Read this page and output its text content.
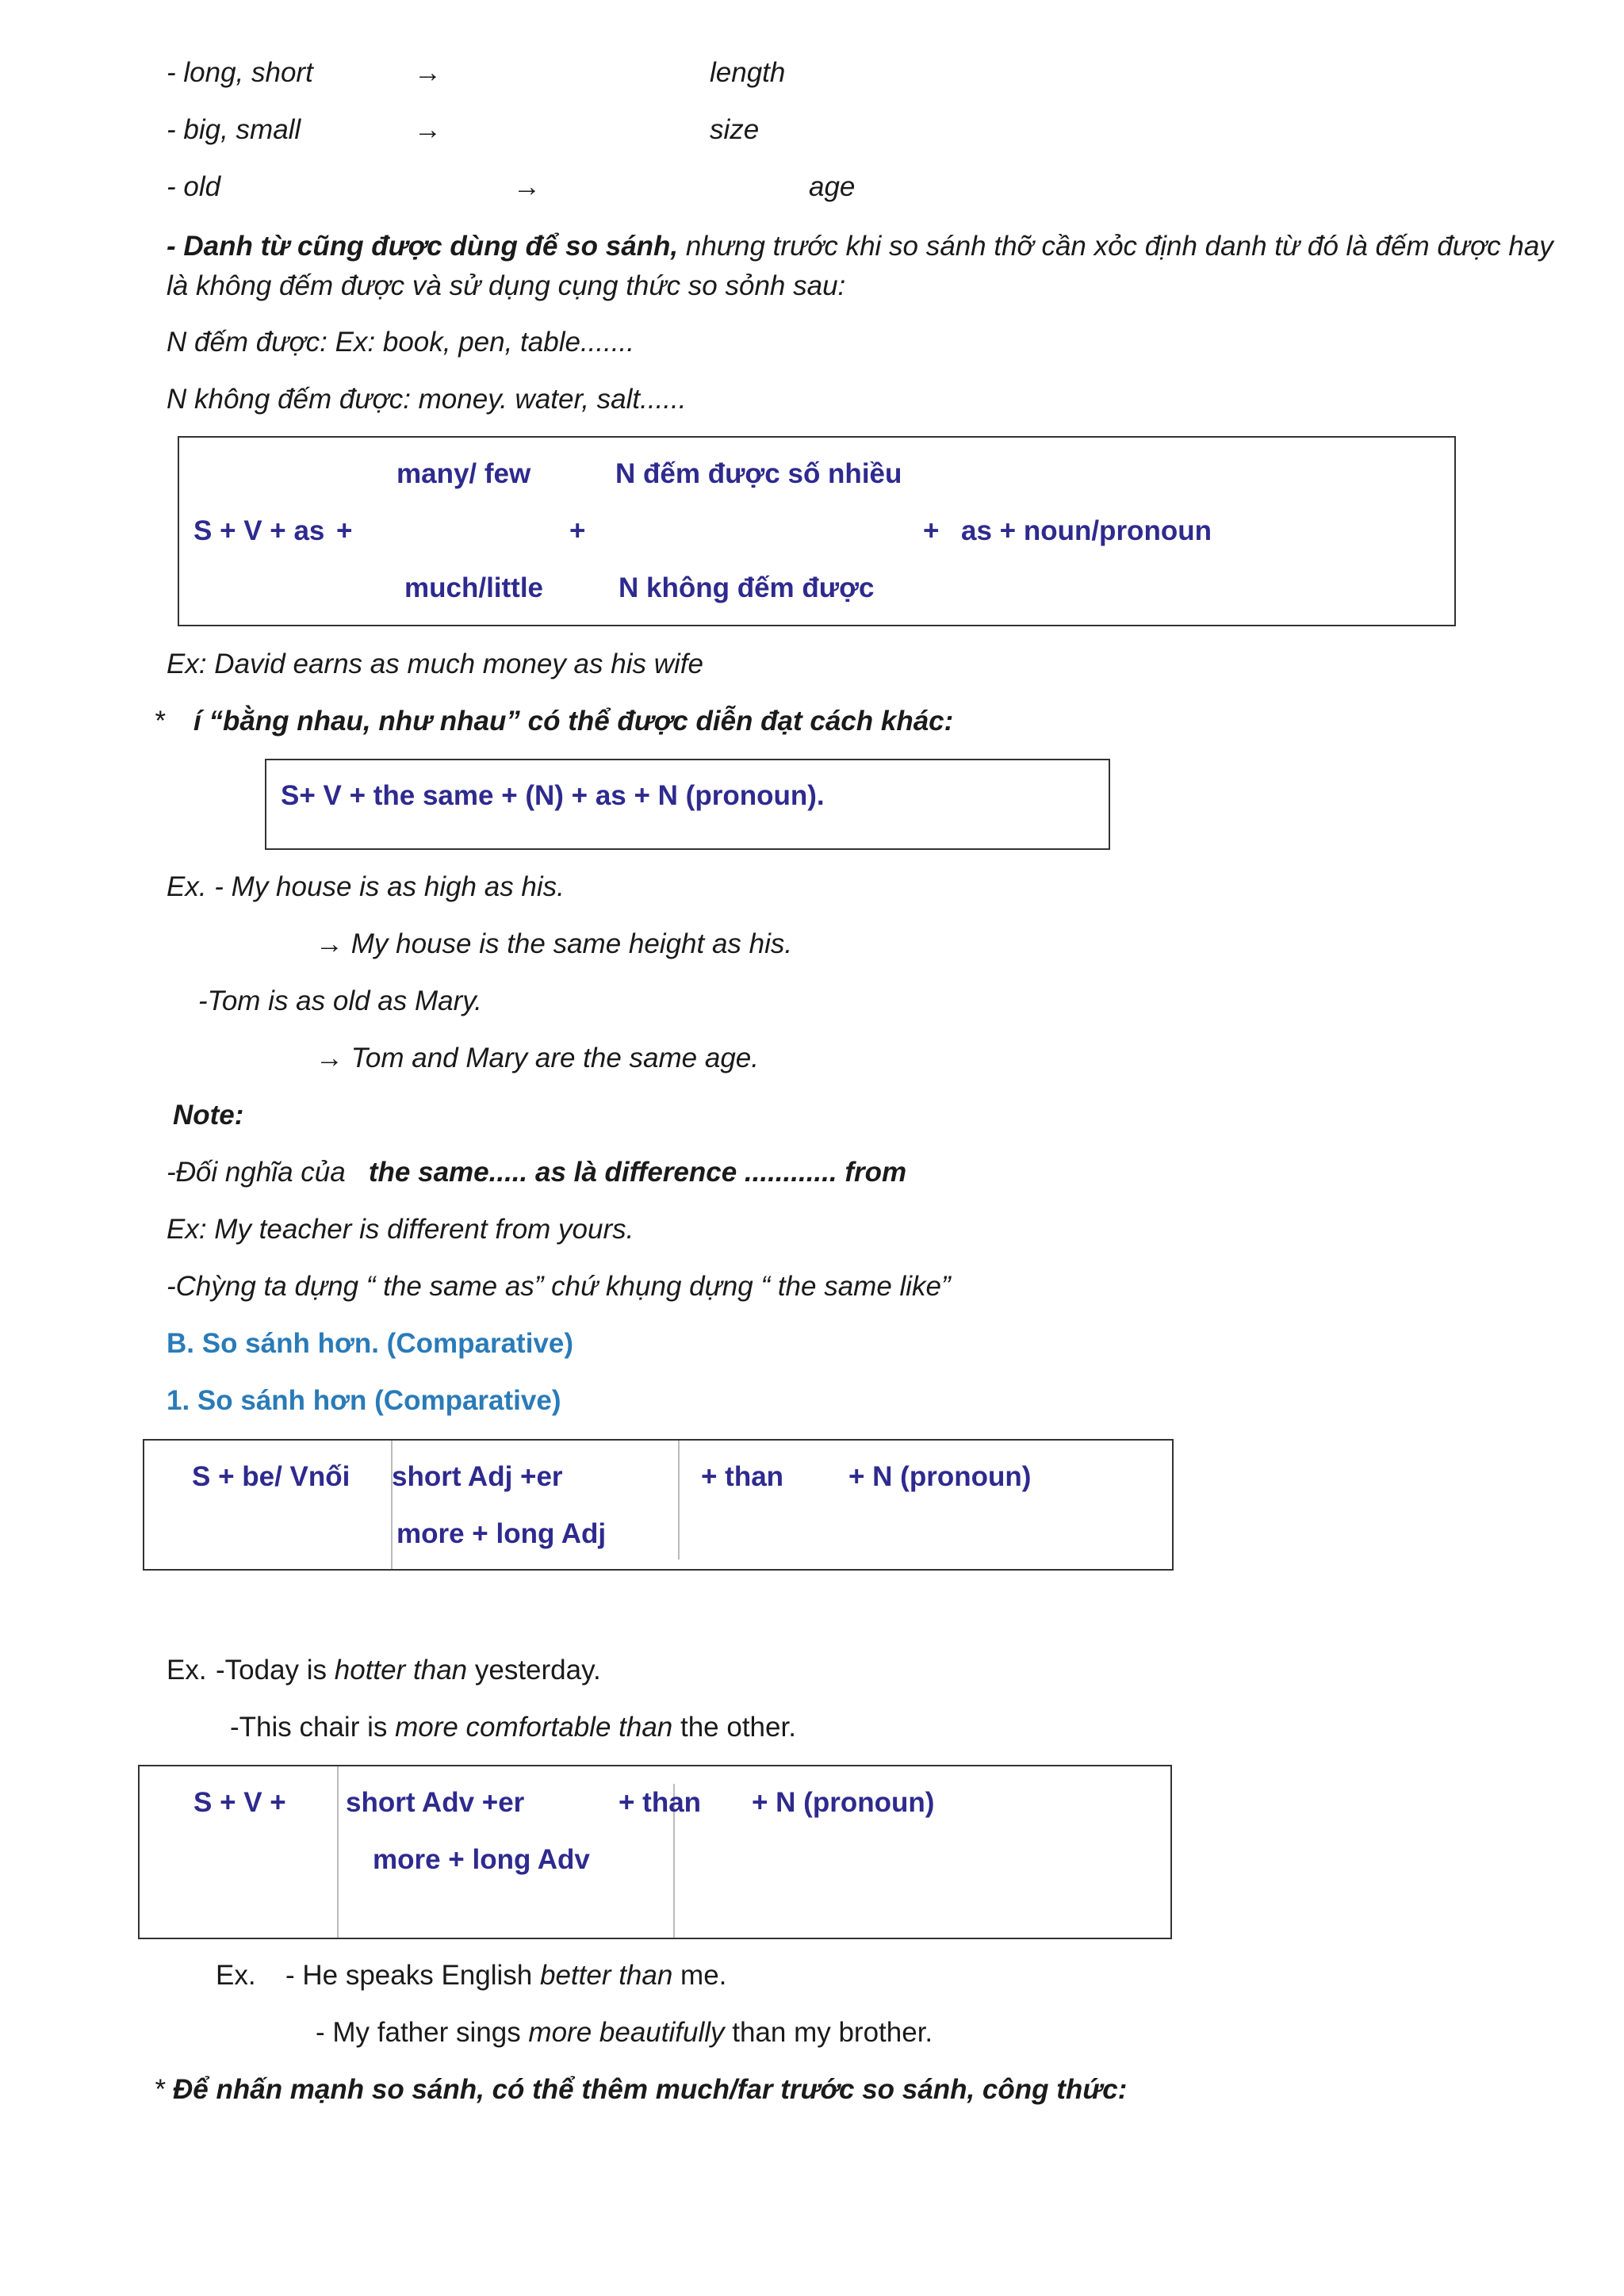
- long, short	→	length
- big, small	→	size
- old	→	age
- Danh từ cũng được dùng để so sánh, nhưng trước khi so sánh thỡ cần xỏc định danh từ đó là đếm được hay là không đếm được và sử dụng cụng thức so sỏnh sau:
N đếm được: Ex: book, pen, table.......
N không đếm được: money. water, salt......
many/ few	N đếm được số nhiều
S + V + as +	+	+ as + noun/pronoun
much/little	N không đếm được
Ex: David earns as much money as his wife
* í “bằng nhau, như nhau” có thể được diễn đạt cách khác:
S+ V + the same + (N) + as + N (pronoun).
Ex. - My house is as high as his.
→ My house is the same height as his.
-Tom is as old as Mary.
→ Tom and Mary are the same age.
Note:
-Đối nghĩa của the same..... as là difference ............ from
Ex: My teacher is different from yours.
-Chỳng ta dựng “ the same as” chứ khụng dựng “ the same like”
B. So sánh hơn. (Comparative)
1. So sánh hơn (Comparative)
S + be/ Vnối short Adj +er	+ than + N (pronoun)
more + long Adj
Ex. -Today is hotter than yesterday.
-This chair is more comfortable than the other.
S + V + short Adv +er	+ than + N (pronoun)
more + long Adv
Ex. - He speaks English better than me.
- My father sings more beautifully than my brother.
* Để nhấn mạnh so sánh, có thể thêm much/far trước so sánh, công thức:
